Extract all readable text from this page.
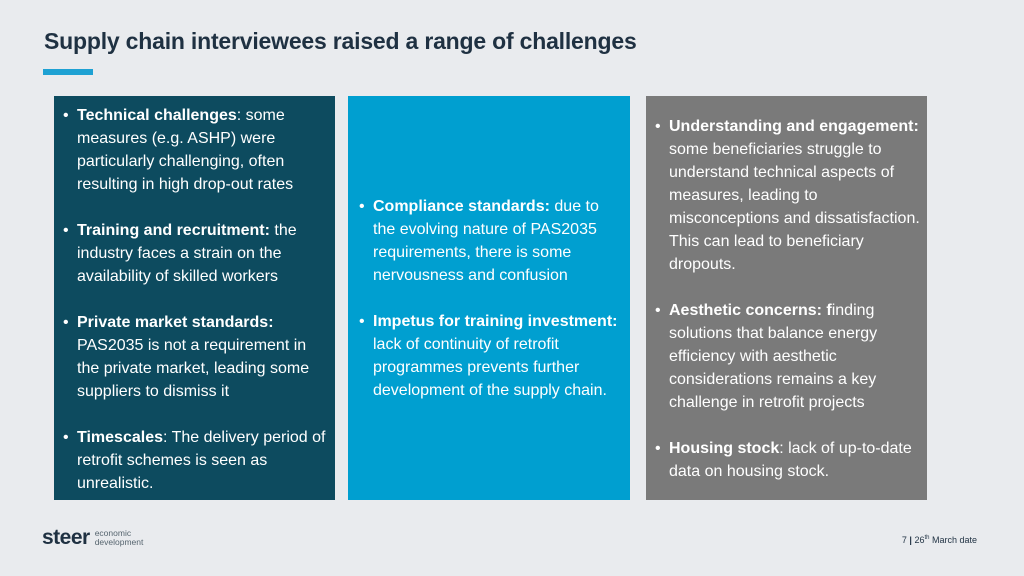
Supply chain interviewees raised a range of challenges
• Technical challenges: some measures (e.g. ASHP) were particularly challenging, often resulting in high drop-out rates
• Training and recruitment: the industry faces a strain on the availability of skilled workers
• Private market standards: PAS2035 is not a requirement in the private market, leading some suppliers to dismiss it
• Timescales: The delivery period of retrofit schemes is seen as unrealistic.
• Compliance standards: due to the evolving nature of PAS2035 requirements, there is some nervousness and confusion
• Impetus for training investment: lack of continuity of retrofit programmes prevents further development of the supply chain.
• Understanding and engagement: some beneficiaries struggle to understand technical aspects of measures, leading to misconceptions and dissatisfaction. This can lead to beneficiary dropouts.
• Aesthetic concerns: finding solutions that balance energy efficiency with aesthetic considerations remains a key challenge in retrofit projects
• Housing stock: lack of up-to-date data on housing stock.
steer economic
development	7 | 26th March date
